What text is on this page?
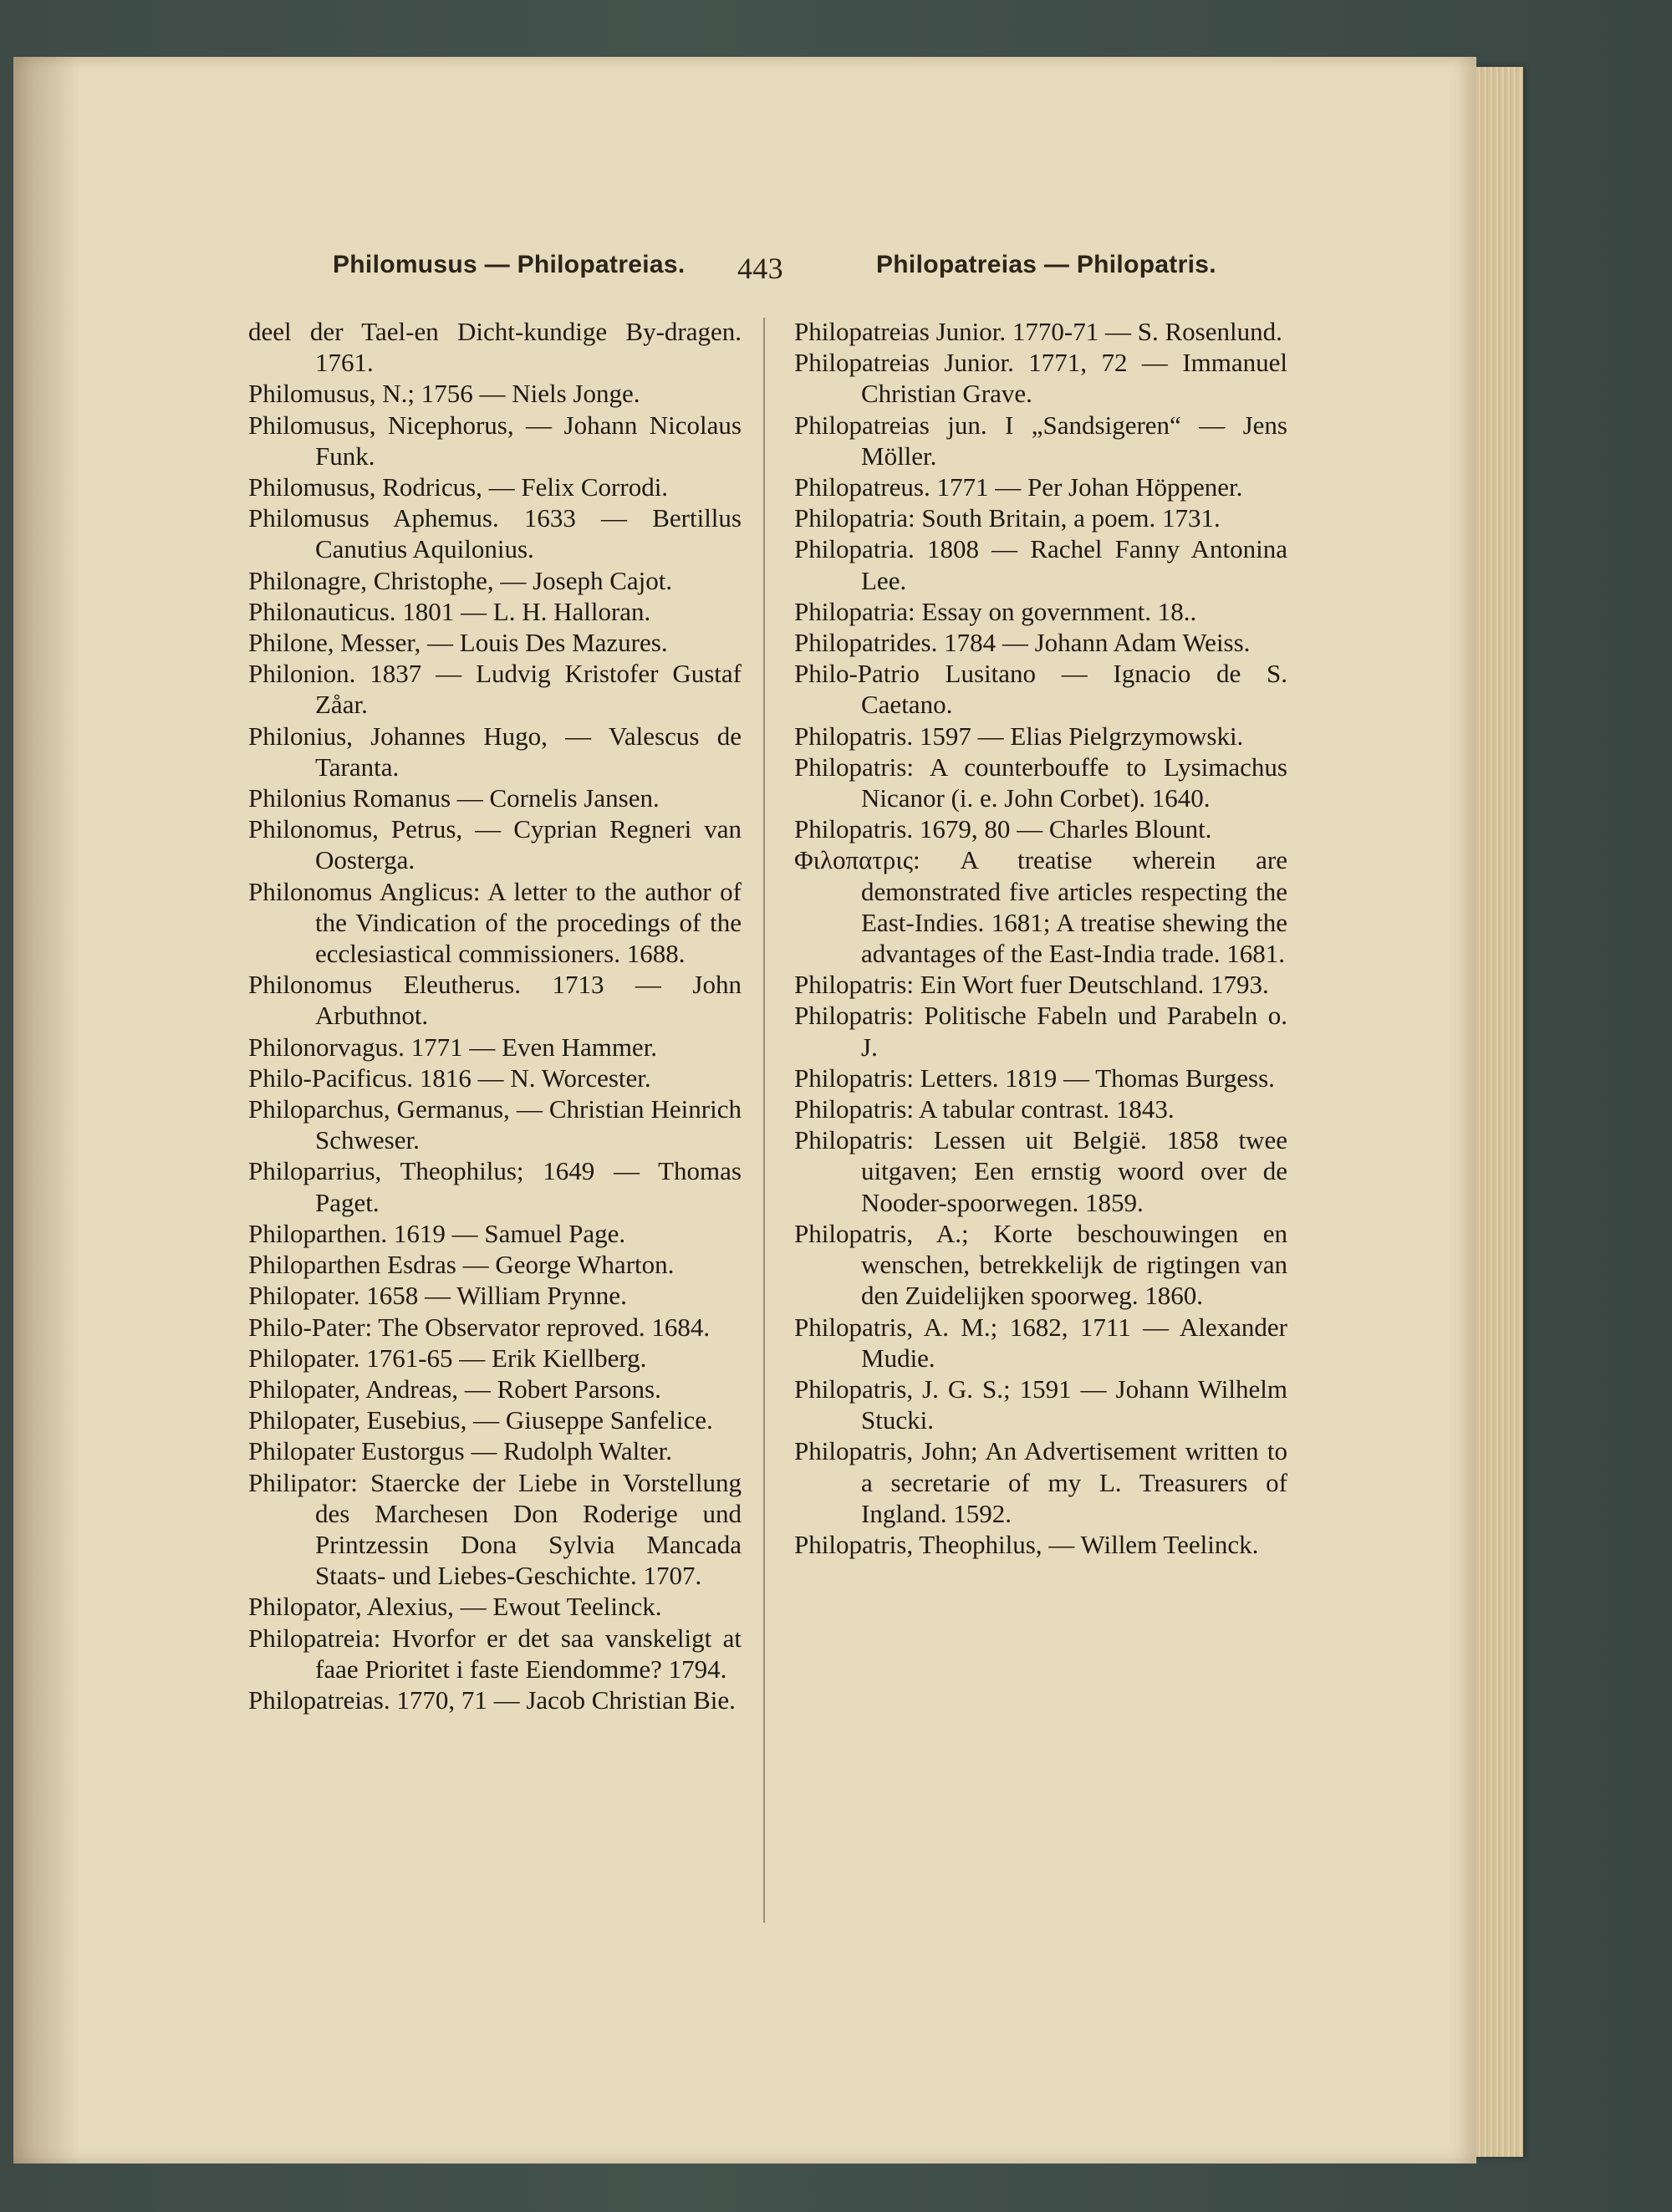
Philomusus — Philopatreias. 443	Philopatreias — Philopatris.

deel der Tael-en Dicht-kundige By-dragen. 1761.

Philomusus, N.; 1756 — Niels Jonge.

Philomusus, Nicephorus, — Johann Nicolaus Funk.

Philomusus, Rodricus, — Felix Corrodi.

Philomusus Aphemus. 1633 — Bertillus Canutius Aquilonius.

Philonagre, Christophe, — Joseph Cajot.

Philonauticus. 1801 — L. H. Halloran.

Philone, Messer, — Louis Des Mazures.

Philonion. 1837 — Ludvig Kristofer Gustaf Zåar.

Philonius, Johannes Hugo, — Valescus de Taranta.

Philonius Romanus — Cornelis Jansen.

Philonomus, Petrus, — Cyprian Regneri van Oosterga.

Philonomus Anglicus: A letter to the author of the Vindication of the procedings of the ecclesiastical commissioners. 1688.

Philonomus Eleutherus. 1713 — John Arbuthnot.

Philonorvagus. 1771 — Even Hammer.

Philo-Pacificus. 1816 — N. Worcester.

Philoparchus, Germanus, — Christian Heinrich Schweser.

Philoparrius, Theophilus; 1649 — Thomas Paget.

Philoparthen. 1619 — Samuel Page.

Philoparthen Esdras — George Wharton.

Philopater. 1658 — William Prynne.

Philo-Pater: The Observator reproved. 1684.

Philopater. 1761-65 — Erik Kiellberg.

Philopater, Andreas, — Robert Parsons.

Philopater, Eusebius, — Giuseppe Sanfelice.

Philopater Eustorgus — Rudolph Walter.

Philipator: Staercke der Liebe in Vorstellung des Marchesen Don Roderige und Printzessin Dona Sylvia Mancada Staats- und Liebes-Geschichte. 1707.

Philopator, Alexius, — Ewout Teelinck.

Philopatreia: Hvorfor er det saa vanskeligt at faae Prioritet i faste Eiendomme? 1794.

Philopatreias. 1770, 71 — Jacob Christian Bie.

Philopatreias Junior. 1770-71 — S. Rosenlund.

Philopatreias Junior. 1771, 72 — Immanuel Christian Grave.

Philopatreias jun. I „Sandsigeren“ — Jens Möller.

Philopatreus. 1771 — Per Johan Höppener.

Philopatria: South Britain, a poem. 1731.

Philopatria. 1808 — Rachel Fanny Antonina Lee.

Philopatria: Essay on government. 18..

Philopatrides. 1784 — Johann Adam Weiss.

Philo-Patrio Lusitano — Ignacio de S. Caetano.

Philopatris. 1597 — Elias Pielgrzymowski.

Philopatris: A counterbouffe to Lysimachus Nicanor (i. e. John Corbet). 1640.

Philopatris. 1679, 80 — Charles Blount.

Φιλοπατρις: A treatise wherein are demonstrated five articles respecting the East-Indies. 1681; A treatise shewing the advantages of the East-India trade. 1681.

Philopatris: Ein Wort fuer Deutschland. 1793.

Philopatris: Politische Fabeln und Parabeln o. J.

Philopatris: Letters. 1819 — Thomas Burgess.

Philopatris: A tabular contrast. 1843.

Philopatris: Lessen uit België. 1858 twee uitgaven; Een ernstig woord over de Nooder-spoorwegen. 1859.

Philopatris, A.; Korte beschouwingen en wenschen, betrekkelijk de rigtingen van den Zuidelijken spoorweg. 1860.

Philopatris, A. M.; 1682, 1711 — Alexander Mudie.

Philopatris, J. G. S.; 1591 — Johann Wilhelm Stucki.

Philopatris, John; An Advertisement written to a secretarie of my L. Treasurers of Ingland. 1592.

Philopatris, Theophilus, — Willem Teelinck.
